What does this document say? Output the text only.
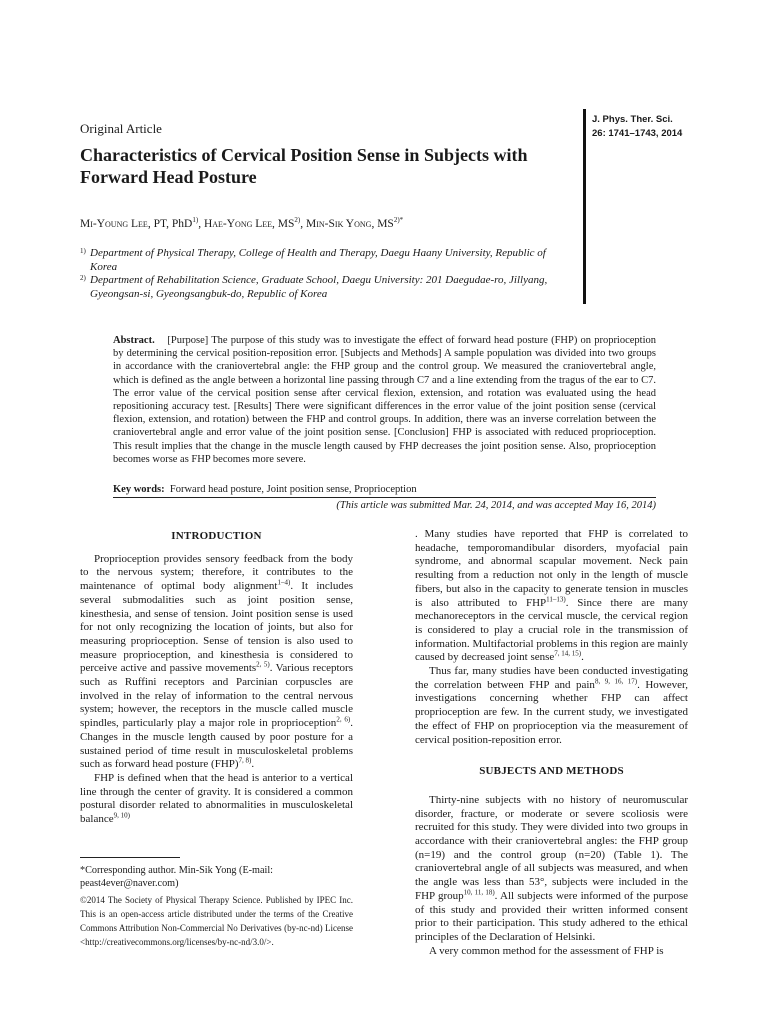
Original Article
Characteristics of Cervical Position Sense in Subjects with Forward Head Posture
Mi-Young Lee, PT, PhD$^{1)}$, Hae-Yong Lee, MS$^{2)}$, Min-Sik Yong, $MS^{2)*}$
1) Department of Physical Therapy, College of Health and Therapy, Daegu Haany University, Republic of Korea
2) Department of Rehabilitation Science, Graduate School, Daegu University: 201 Daegudae-ro, Jillyang, Gyeongsan-si, Gyeongsangbuk-do, Republic of Korea
J. Phys. Ther. Sci.
26: 1741–1743, 2014
Abstract. [Purpose] The purpose of this study was to investigate the effect of forward head posture (FHP) on proprioception by determining the cervical position-reposition error. [Subjects and Methods] A sample population was divided into two groups in accordance with the craniovertebral angle: the FHP group and the control group. We measured the craniovertebral angle, which is defined as the angle between a horizontal line passing through C7 and a line extending from the tragus of the ear to C7. The error value of the cervical position sense after cervical flexion, extension, and rotation was evaluated using the head repositioning accuracy test. [Results] There were significant differences in the error value of the joint position sense (cervical flexion, extension, and rotation) between the FHP and control groups. In addition, there was an inverse correlation between the craniovertebral angle and error value of the joint position sense. [Conclusion] FHP is associated with reduced proprioception. This result implies that the change in the muscle length caused by FHP decreases the joint position sense. Also, proprioception becomes worse as FHP becomes more severe.
Key words: Forward head posture, Joint position sense, Proprioception
(This article was submitted Mar. 24, 2014, and was accepted May 16, 2014)
INTRODUCTION

Proprioception provides sensory feedback from the body to the nervous system; therefore, it contributes to the maintenance of optimal body alignment$^{1-4)}$. It includes several submodalities such as joint position sense, kinesthesia, and sense of tension. Joint position sense is used for not only recognizing the location of joints, but also for measuring proprioception. Sense of tension is also used to measure proprioception, and kinesthesia is considered to perceive active and passive movements$^{2, 5)}$. Various receptors such as Ruffini receptors and Parcinian corpuscles are involved in the relay of information to the central nervous system; however, the receptors in the muscle called muscle spindles, particularly play a major role in proprioception$^{2, 6)}$. Changes in the muscle length caused by poor posture for a sustained period of time result in musculoskeletal problems such as forward head posture (FHP)$^{7, 8)}$.

FHP is defined when that the head is anterior to a vertical line through the center of gravity. It is considered a common postural disorder related to abnormalities in musculoskeletal balance$^{9, 10)}$

. Many studies have reported that FHP is correlated to headache, temporomandibular disorders, myofacial pain syndrome, and abnormal scapular movement. Neck pain resulting from a reduction not only in the length of muscle fibers, but also in the capacity to generate tension in muscles is also attributed to FHP$^{11-13)}$. Since there are many mechanoreceptors in the cervical muscle, the cervical region is considered to play a crucial role in the transmission of information. Multifactorial problems in this region are mainly caused by decreased joint sense$^{7, 14, 15)}$.

Thus far, many studies have been conducted investigating the correlation between FHP and pain$^{8, 9, 16, 17)}$. However, investigations concerning whether FHP can affect proprioception are few. In the current study, we investigated the effect of FHP on proprioception via the measurement of cervical position-reposition error.

SUBJECTS AND METHODS

Thirty-nine subjects with no history of neuromuscular disorder, fracture, or moderate or severe scoliosis were recruited for this study. They were divided into two groups in accordance with their craniovertebral angles: the FHP group (n=19) and the control group (n=20) (Table 1). The craniovertebral angle of all subjects was measured, and when the angle was less than 53°, subjects were included in the FHP group$^{10, 11, 18)}$. All subjects were informed of the purpose of this study and provided their written informed consent prior to their participation. This study adhered to the ethical principles of the Declaration of Helsinki.

A very common method for the assessment of FHP is

*Corresponding author. Min-Sik Yong (E-mail: peast4ever@naver.com)
©2014 The Society of Physical Therapy Science. Published by IPEC Inc. This is an open-access article distributed under the terms of the Creative Commons Attribution Non-Commercial No Derivatives (by-nc-nd) License <http://creativecommons.org/licenses/by-nc-nd/3.0/>.
